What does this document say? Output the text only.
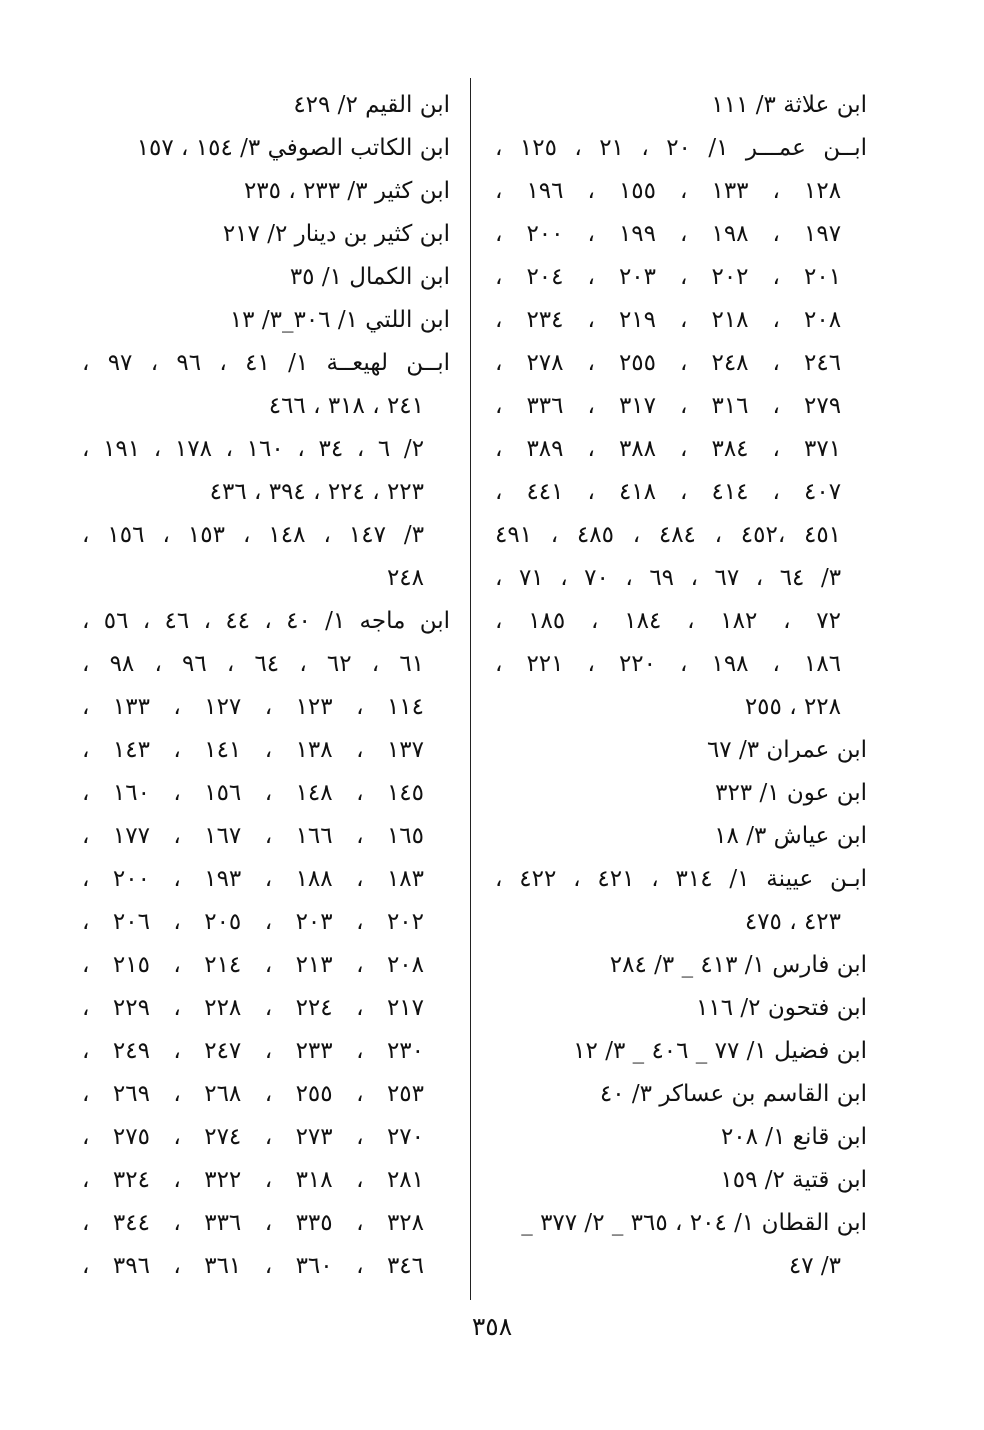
ابن علاثة ٣/ ١١١
ابــن عمـــر ١/ ٢٠ ، ٢١ ، ١٢٥ ،
١٢٨ ، ١٣٣ ، ١٥٥ ، ١٩٦ ،
١٩٧ ، ١٩٨ ، ١٩٩ ، ٢٠٠ ،
٢٠١ ، ٢٠٢ ، ٢٠٣ ، ٢٠٤ ،
٢٠٨ ، ٢١٨ ، ٢١٩ ، ٢٣٤ ،
٢٤٦ ، ٢٤٨ ، ٢٥٥ ، ٢٧٨ ،
٢٧٩ ، ٣١٦ ، ٣١٧ ، ٣٣٦ ،
٣٧١ ، ٣٨٤ ، ٣٨٨ ، ٣٨٩ ،
٤٠٧ ، ٤١٤ ، ٤١٨ ، ٤٤١ ،
٤٥١ ،٤٥٢ ، ٤٨٤ ، ٤٨٥ ، ٤٩١
٣/ ٦٤ ، ٦٧ ، ٦٩ ، ٧٠ ، ٧١ ،
٧٢ ، ١٨٢ ، ١٨٤ ، ١٨٥ ،
١٨٦ ، ١٩٨ ، ٢٢٠ ، ٢٢١ ،
٢٢٨ ، ٢٥٥
ابن عمران ٣/ ٦٧
ابن عون ١/ ٣٢٣
ابن عياش ٣/ ١٨
ابـن عيينة ١/ ٣١٤ ، ٤٢١ ، ٤٢٢ ،
٤٢٣ ، ٤٧٥
ابن فارس ١/ ٤١٣ _ ٣/ ٢٨٤
ابن فتحون ٢/ ١١٦
ابن فضيل ١/ ٧٧ _ ٤٠٦ _ ٣/ ١٢
ابن القاسم بن عساكر ٣/ ٤٠
ابن قانع ١/ ٢٠٨
ابن قتية ٢/ ١٥٩
ابن القطان ١/ ٢٠٤ ، ٣٦٥ _ ٢/ ٣٧٧ _
٣/ ٤٧
ابن القيم ٢/ ٤٢٩
ابن الكاتب الصوفي ٣/ ١٥٤ ، ١٥٧
ابن كثير ٣/ ٢٣٣ ، ٢٣٥
ابن كثير بن دينار ٢/ ٢١٧
ابن الكمال ١/ ٣٥
ابن اللتي ١/ ٣٠٦_٣/ ١٣
ابــن لهيعــة ١/ ٤١ ، ٩٦ ، ٩٧ ،
٢٤١ ، ٣١٨ ، ٤٦٦
٢/ ٦ ، ٣٤ ، ١٦٠ ، ١٧٨ ، ١٩١ ،
٢٢٣ ، ٢٢٤ ، ٣٩٤ ، ٤٣٦
٣/ ١٤٧ ، ١٤٨ ، ١٥٣ ، ١٥٦ ،
٢٤٨
ابن ماجه ١/ ٤٠ ، ٤٤ ، ٤٦ ، ٥٦ ،
٦١ ، ٦٢ ، ٦٤ ، ٩٦ ، ٩٨ ،
١١٤ ، ١٢٣ ، ١٢٧ ، ١٣٣ ،
١٣٧ ، ١٣٨ ، ١٤١ ، ١٤٣ ،
١٤٥ ، ١٤٨ ، ١٥٦ ، ١٦٠ ،
١٦٥ ، ١٦٦ ، ١٦٧ ، ١٧٧ ،
١٨٣ ، ١٨٨ ، ١٩٣ ، ٢٠٠ ،
٢٠٢ ، ٢٠٣ ، ٢٠٥ ، ٢٠٦ ،
٢٠٨ ، ٢١٣ ، ٢١٤ ، ٢١٥ ،
٢١٧ ، ٢٢٤ ، ٢٢٨ ، ٢٢٩ ،
٢٣٠ ، ٢٣٣ ، ٢٤٧ ، ٢٤٩ ،
٢٥٣ ، ٢٥٥ ، ٢٦٨ ، ٢٦٩ ،
٢٧٠ ، ٢٧٣ ، ٢٧٤ ، ٢٧٥ ،
٢٨١ ، ٣١٨ ، ٣٢٢ ، ٣٢٤ ،
٣٢٨ ، ٣٣٥ ، ٣٣٦ ، ٣٤٤ ،
٣٤٦ ، ٣٦٠ ، ٣٦١ ، ٣٩٦ ،
٣٥٨
